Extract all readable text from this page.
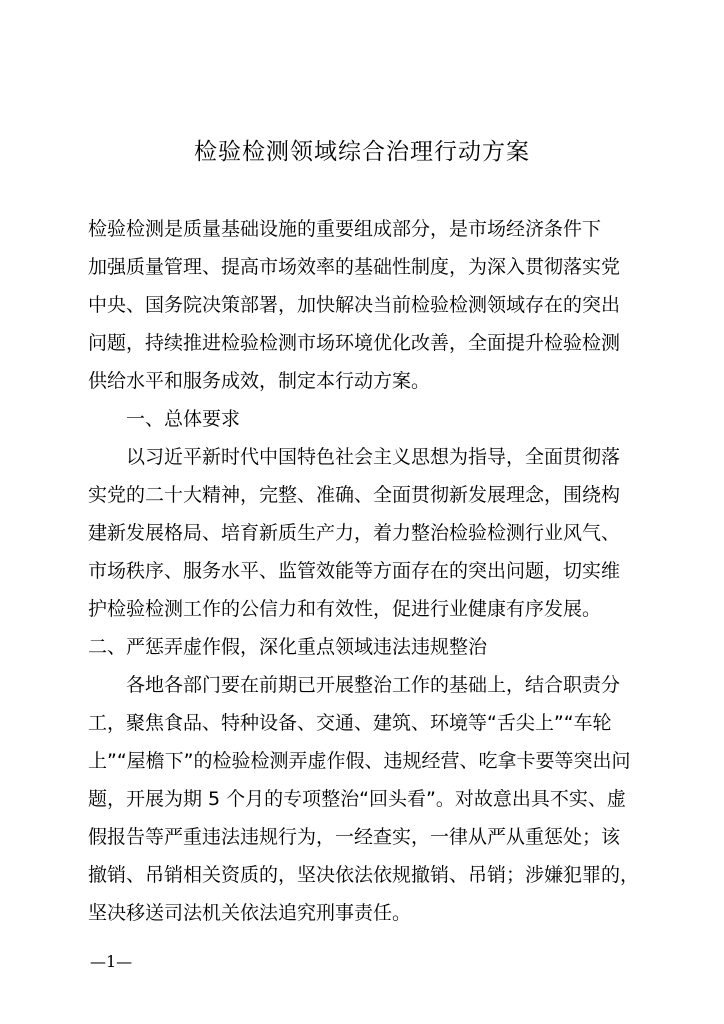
检验检测领域综合治理行动方案
检验检测是质量基础设施的重要组成部分，是市场经济条件下
加强质量管理、提高市场效率的基础性制度，为深入贯彻落实党
中央、国务院决策部署，加快解决当前检验检测领域存在的突出
问题，持续推进检验检测市场环境优化改善，全面提升检验检测
供给水平和服务成效，制定本行动方案。
　　一、总体要求
　　以习近平新时代中国特色社会主义思想为指导，全面贯彻落
实党的二十大精神，完整、准确、全面贯彻新发展理念，围绕构
建新发展格局、培育新质生产力，着力整治检验检测行业风气、
市场秩序、服务水平、监管效能等方面存在的突出问题，切实维
护检验检测工作的公信力和有效性，促进行业健康有序发展。
二、严惩弄虚作假，深化重点领域违法违规整治
　　各地各部门要在前期已开展整治工作的基础上，结合职责分
工，聚焦食品、特种设备、交通、建筑、环境等“舌尖上”“车轮
上”“屋檐下”的检验检测弄虚作假、违规经营、吃拿卡要等突出问
题，开展为期 5 个月的专项整治“回头看”。对故意出具不实、虚
假报告等严重违法违规行为，一经查实，一律从严从重惩处；该
撤销、吊销相关资质的，坚决依法依规撤销、吊销；涉嫌犯罪的，
坚决移送司法机关依法追究刑事责任。
—1—
